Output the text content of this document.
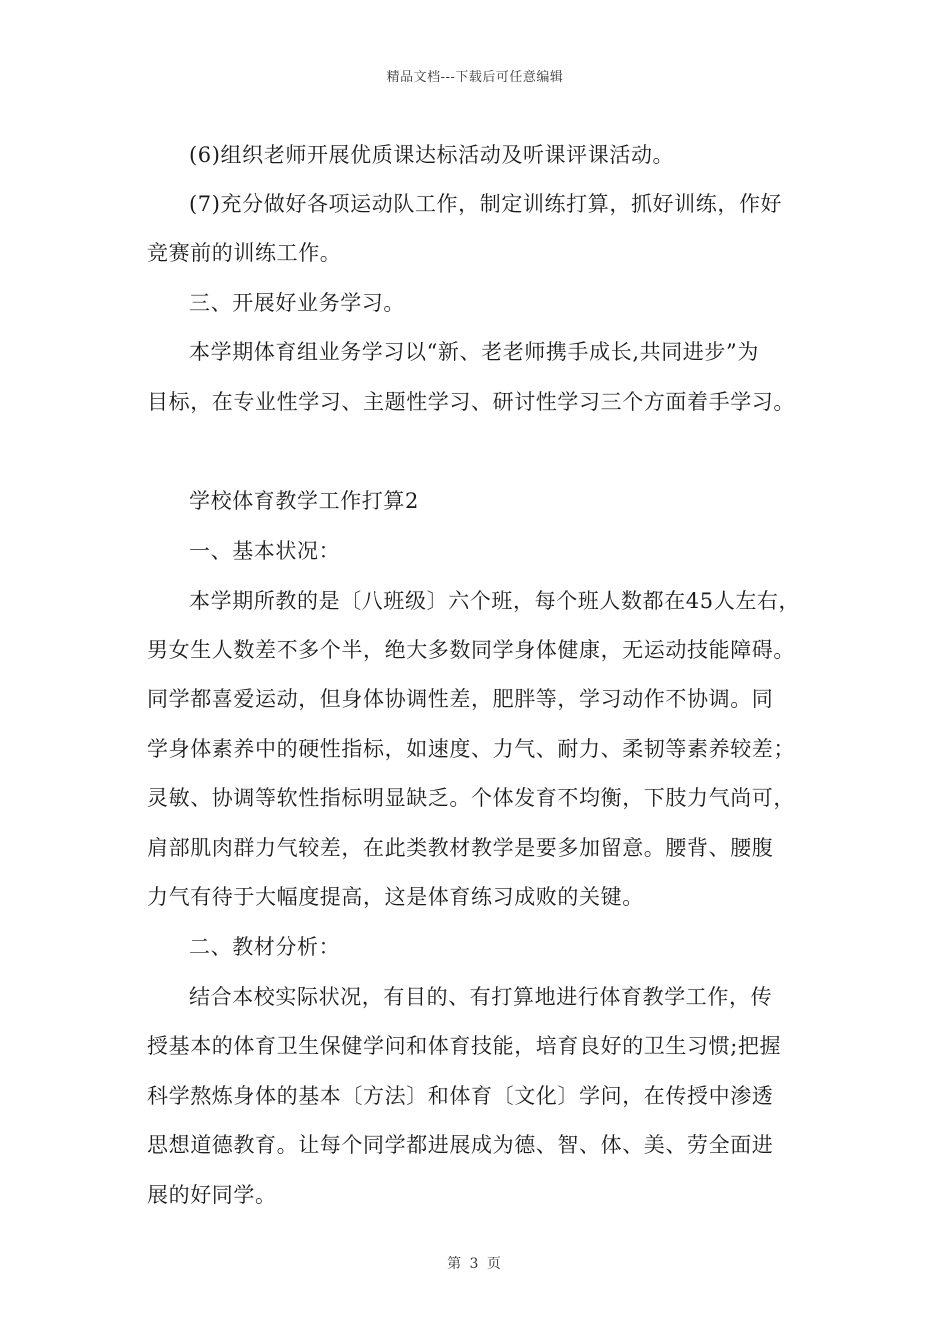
精品文档---下载后可任意编辑
(6)组织老师开展优质课达标活动及听课评课活动。
(7)充分做好各项运动队工作，制定训练打算，抓好训练，作好
竞赛前的训练工作。
三、开展好业务学习。
本学期体育组业务学习以“新、老老师携手成长,共同进步”为
目标，在专业性学习、主题性学习、研讨性学习三个方面着手学习。
学校体育教学工作打算2
一、基本状况：
本学期所教的是〔八班级〕六个班，每个班人数都在45人左右，
男女生人数差不多个半，绝大多数同学身体健康，无运动技能障碍。
同学都喜爱运动，但身体协调性差，肥胖等，学习动作不协调。同
学身体素养中的硬性指标，如速度、力气、耐力、柔韧等素养较差；
灵敏、协调等软性指标明显缺乏。个体发育不均衡，下肢力气尚可，
肩部肌肉群力气较差，在此类教材教学是要多加留意。腰背、腰腹
力气有待于大幅度提高，这是体育练习成败的关键。
二、教材分析：
结合本校实际状况，有目的、有打算地进行体育教学工作，传
授基本的体育卫生保健学问和体育技能，培育良好的卫生习惯;把握
科学熬炼身体的基本〔方法〕和体育〔文化〕学问，在传授中渗透
思想道德教育。让每个同学都进展成为德、智、体、美、劳全面进
展的好同学。
第 3 页
